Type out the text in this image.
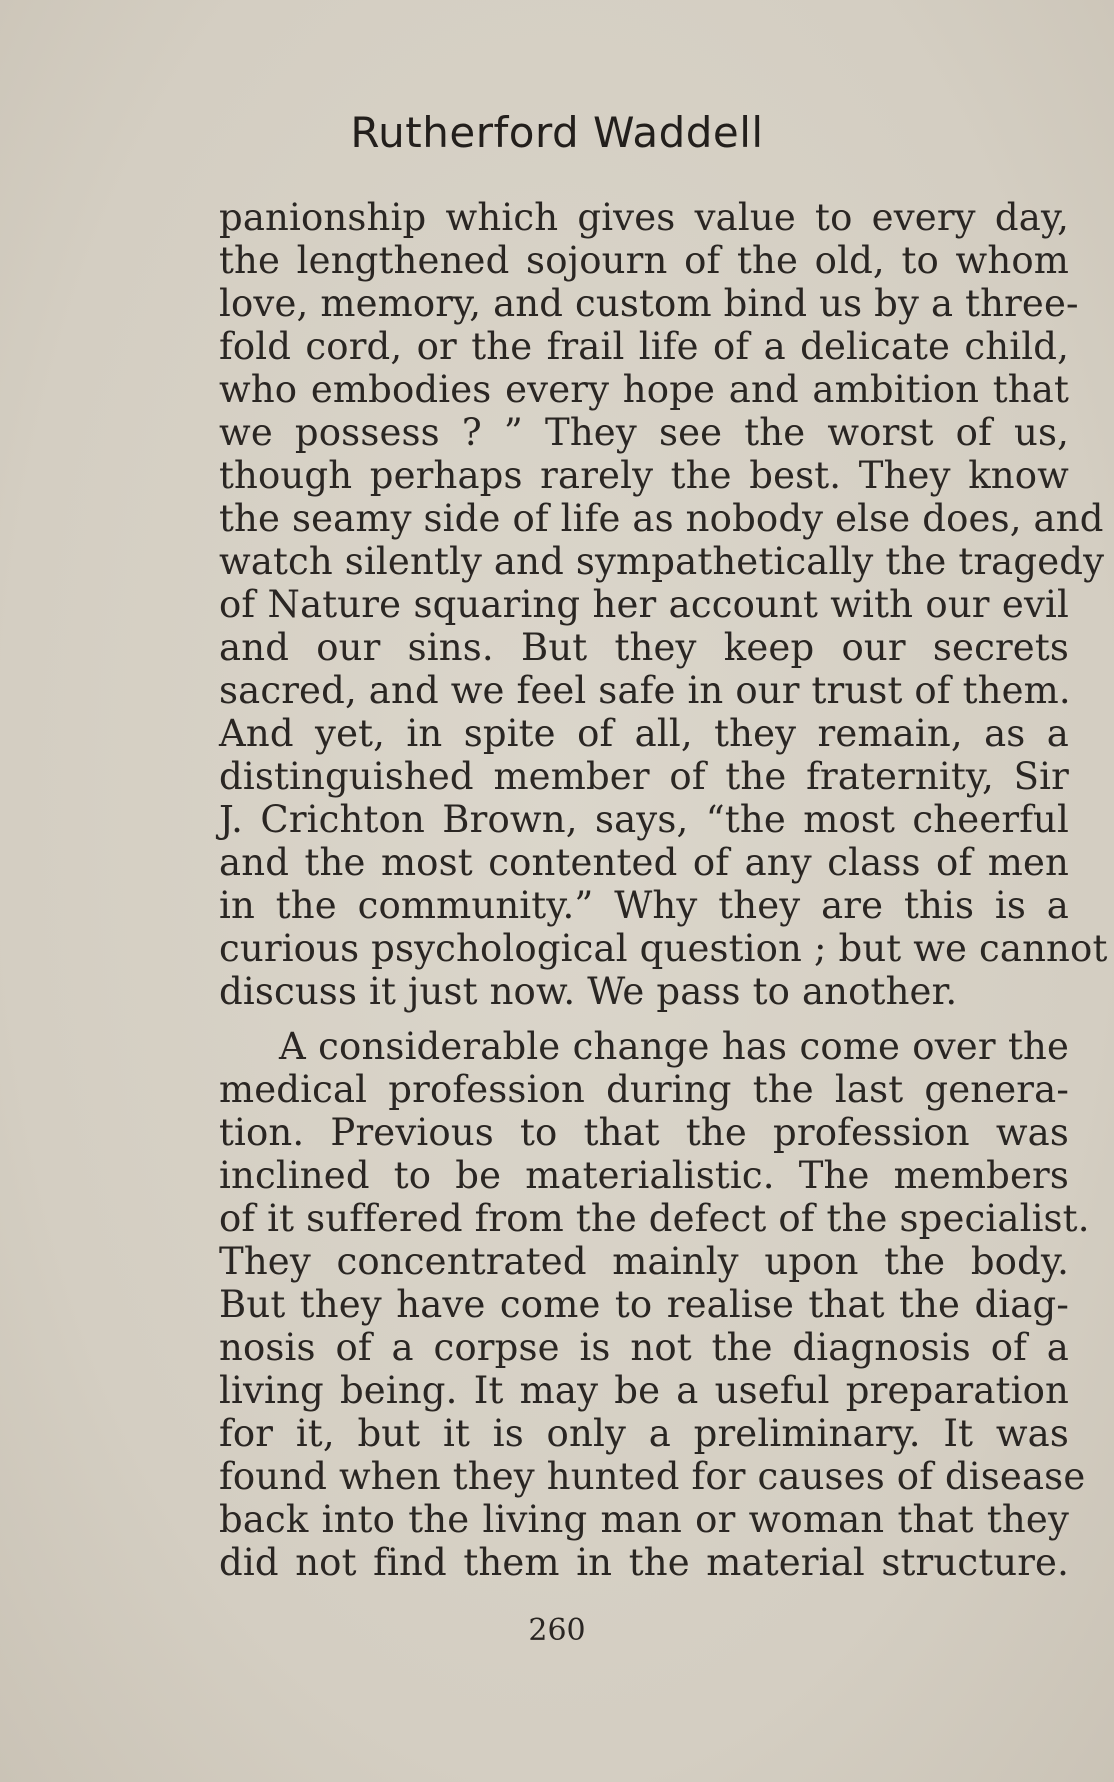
Rutherford Waddell
panionship which gives value to every day,
the lengthened sojourn of the old, to whom
love, memory, and custom bind us by a three-
fold cord, or the frail life of a delicate child,
who embodies every hope and ambition that
we possess ? ” They see the worst of us,
though perhaps rarely the best. They know
the seamy side of life as nobody else does, and
watch silently and sympathetically the tragedy
of Nature squaring her account with our evil
and our sins. But they keep our secrets
sacred, and we feel safe in our trust of them.
And yet, in spite of all, they remain, as a
distinguished member of the fraternity, Sir
J. Crichton Brown, says, “the most cheerful
and the most contented of any class of men
in the community.” Why they are this is a
curious psychological question ; but we cannot
discuss it just now. We pass to another.
A considerable change has come over the
medical profession during the last genera-
tion. Previous to that the profession was
inclined to be materialistic. The members
of it suffered from the defect of the specialist.
They concentrated mainly upon the body.
But they have come to realise that the diag-
nosis of a corpse is not the diagnosis of a
living being. It may be a useful preparation
for it, but it is only a preliminary. It was
found when they hunted for causes of disease
back into the living man or woman that they
did not find them in the material structure.
260
